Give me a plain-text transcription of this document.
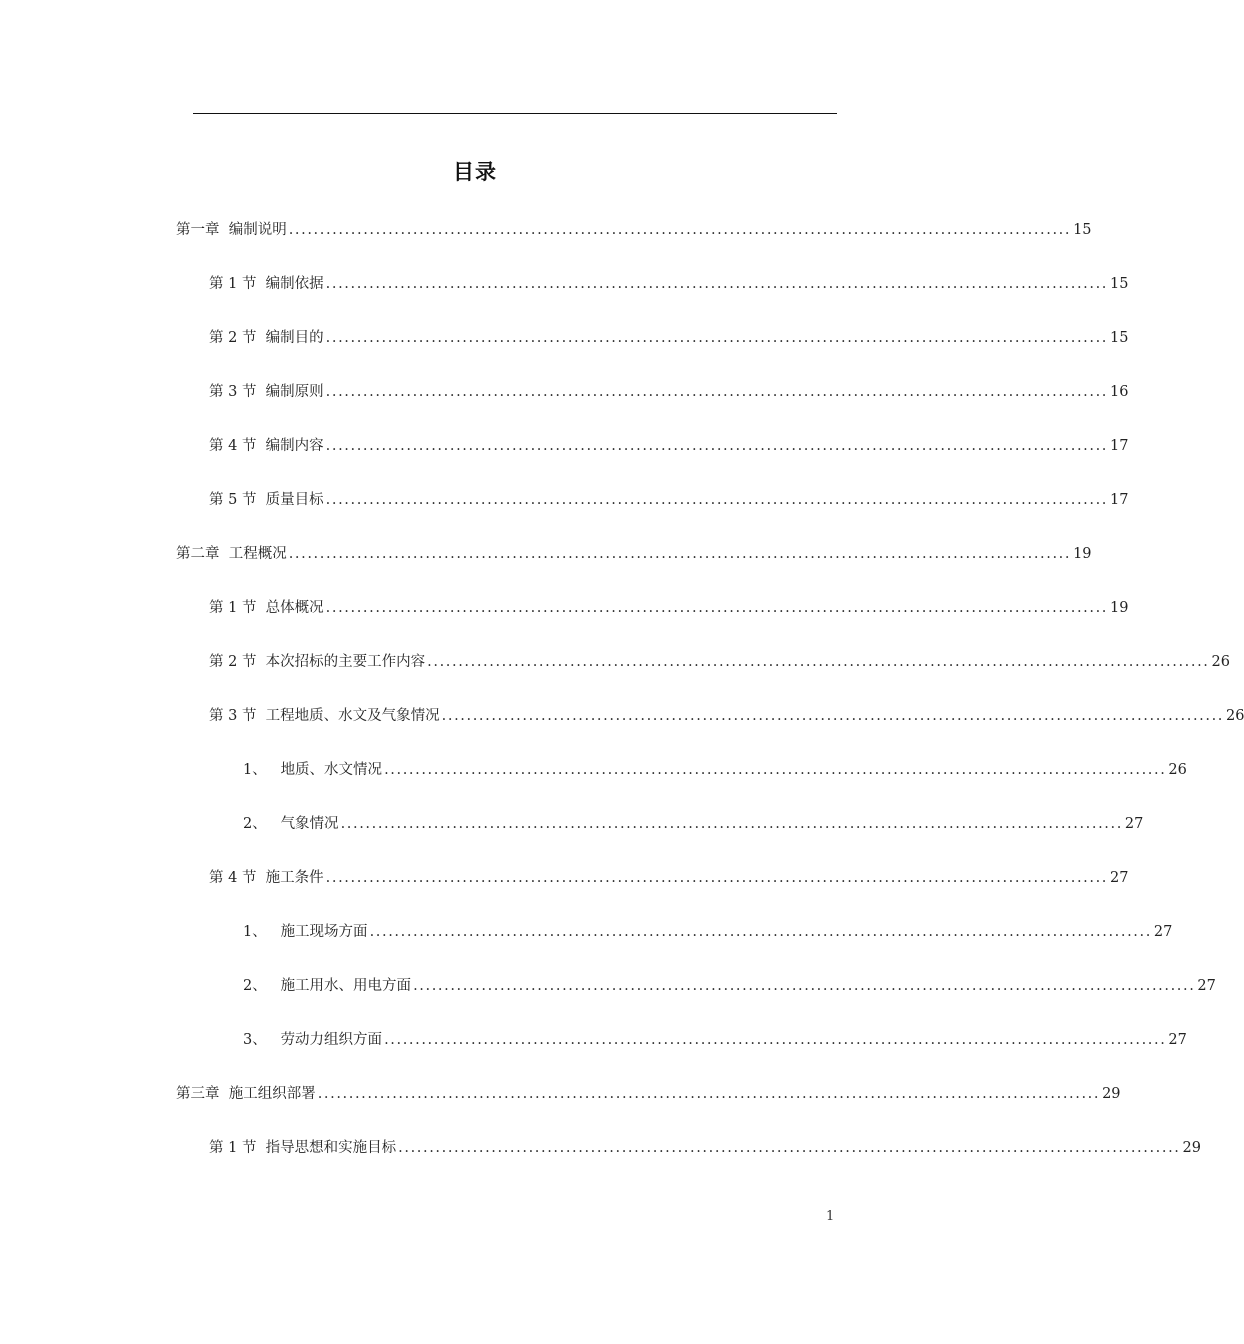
目录
第一章 编制说明 .............................................................................................................................. 15
第 1 节 编制依据 .............................................................................................................................. 15
第 2 节 编制目的 .............................................................................................................................. 15
第 3 节 编制原则 .............................................................................................................................. 16
第 4 节 编制内容 .............................................................................................................................. 17
第 5 节 质量目标 .............................................................................................................................. 17
第二章 工程概况 .............................................................................................................................. 19
第 1 节 总体概况 .............................................................................................................................. 19
第 2 节 本次招标的主要工作内容 .............................................................................................................................. 26
第 3 节 工程地质、水文及气象情况 .............................................................................................................................. 26
1、 地质、水文情况 .............................................................................................................................. 26
2、 气象情况 .............................................................................................................................. 27
第 4 节 施工条件 .............................................................................................................................. 27
1、 施工现场方面 .............................................................................................................................. 27
2、 施工用水、用电方面 .............................................................................................................................. 27
3、 劳动力组织方面 .............................................................................................................................. 27
第三章 施工组织部署 .............................................................................................................................. 29
第 1 节 指导思想和实施目标 .............................................................................................................................. 29
1
